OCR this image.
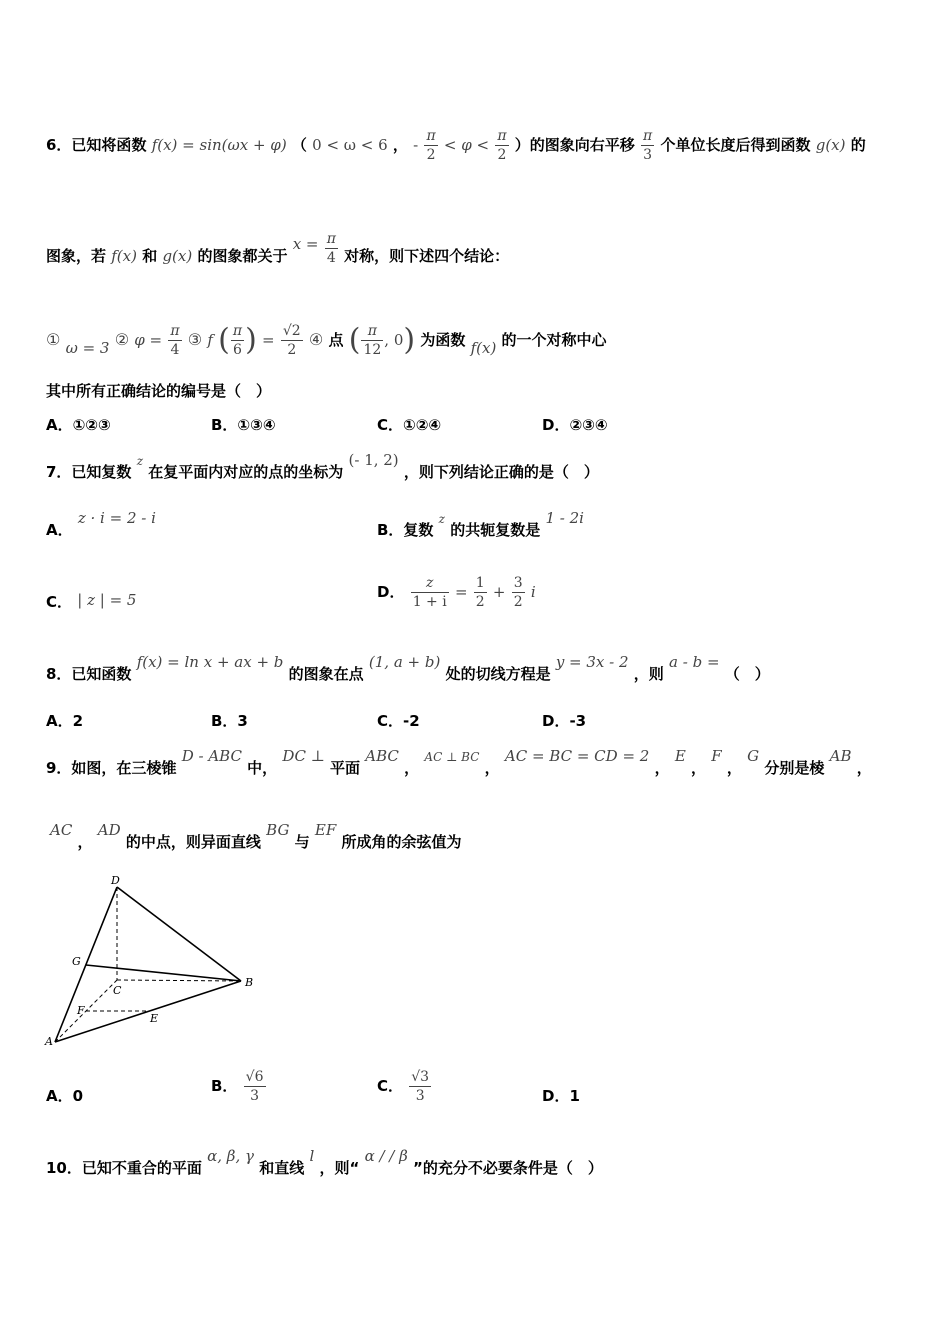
6．已知将函数 f(x) = sin(ωx + φ) （ 0 < ω < 6 ， - $\frac{\pi}{2} < \varphi < \frac{\pi}{2}$ ）的图象向右平移 $\frac{\pi}{3}$ 个单位长度后得到函数 g(x) 的
图象，若 f(x) 和 g(x) 的图象都关于 $x = \frac{\pi}{4}$ 对称，则下述四个结论：
① ω = 3 ② $\varphi = \frac{\pi}{4}$ ③ f ( $\frac{\pi}{6}$ ) = $\frac{√2}{2}$ ④ 点 ( $\frac{\pi}{12}$ , 0) 为函数 f(x) 的一个对称中心
其中所有正确结论的编号是（　）
A．①②③	B．①③④	C．①②④	D．②③④
7．已知复数 $^z$ 在复平面内对应的点的坐标为 (- 1, 2) ，则下列结论正确的是（　）
A． z · i = 2 - i
B．复数 $^z$ 的共轭复数是 1 - 2i
C． | z | = 5	D． $\frac{z}{1 + i} = \frac{1}{2} + \frac{3}{2}$ i
8．已知函数 f(x) = ln x + ax + b 的图象在点 (1, a + b) 处的切线方程是 y = 3x - 2 ，则 a - b = （　）
A．2	B．3	C．-2	D．-3
9．如图，在三棱锥 D - ABC 中， DC ⊥ 平面 ABC ， $^{AC \perp BC}$ ， AC = BC = CD = 2 ， E ， F ， G 分别是棱 AB ，
AC ， AD 的中点，则异面直线 BG 与 EF 所成角的余弦值为
D
G
C
B
F
E
A
A．0
B． $\frac{√6}{3}$	C． $\frac{√3}{3}$	D．1
10．已知不重合的平面 α, β, γ 和直线 l ，则“ α / / β ”的充分不必要条件是（　）
